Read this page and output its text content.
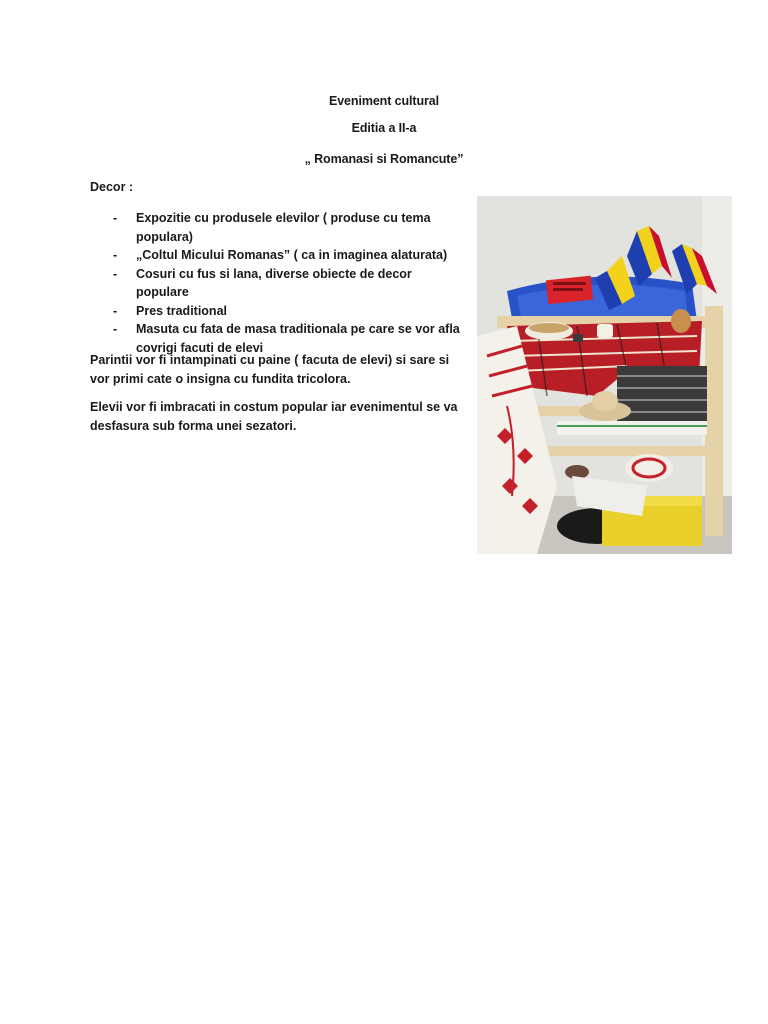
Eveniment cultural
Editia a II-a
„ Romanasi si Romancute”
Decor :
- Expozitie cu produsele elevilor ( produse cu tema populara)
- „Coltul Micului Romanas” ( ca in imaginea alaturata)
- Cosuri cu fus si lana, diverse obiecte de decor populare
- Pres traditional
- Masuta cu fata de masa traditionala pe care se vor afla covrigi facuti de elevi

Parintii vor fi intampinati cu paine ( facuta de elevi) si sare si vor primi cate o insigna cu fundita tricolora.

Elevii vor fi imbracati in costum popular iar evenimentul se va desfasura sub forma unei sezatori.
